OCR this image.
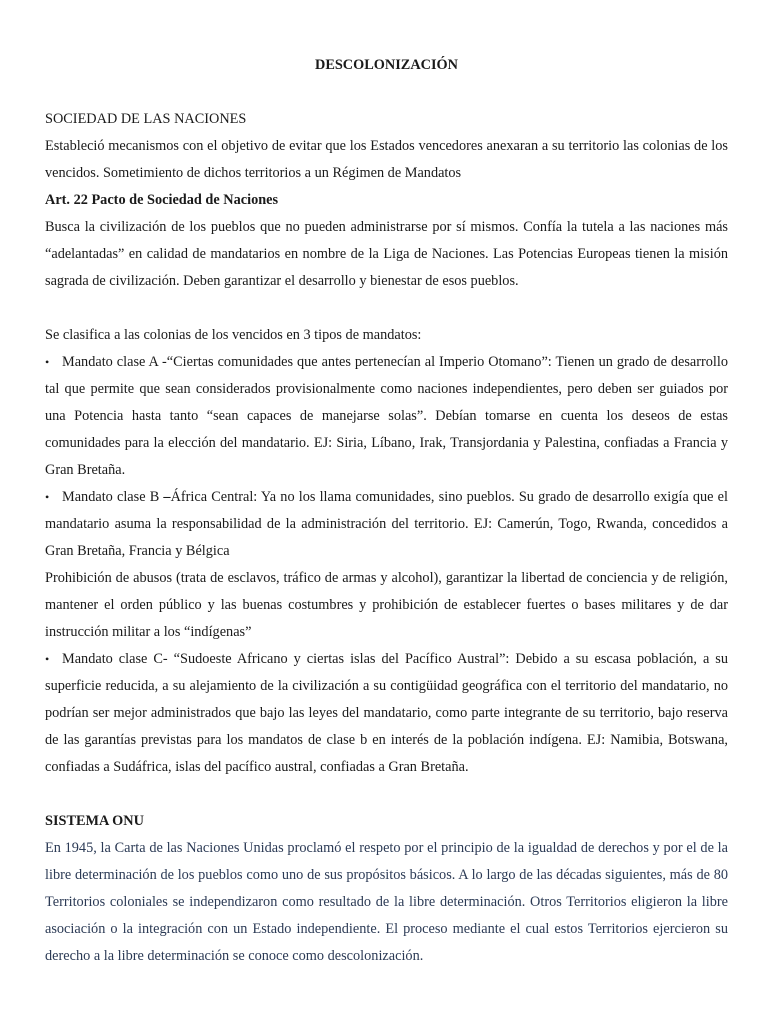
DESCOLONIZACIÓN

SOCIEDAD DE LAS NACIONES

Estableció mecanismos con el objetivo de evitar que los Estados vencedores anexaran a su territorio las colonias de los vencidos. Sometimiento de dichos territorios a un Régimen de Mandatos

Art. 22 Pacto de Sociedad de Naciones

Busca la civilización de los pueblos que no pueden administrarse por sí mismos. Confía la tutela a las naciones más “adelantadas” en calidad de mandatarios en nombre de la Liga de Naciones. Las Potencias Europeas tienen la misión sagrada de civilización. Deben garantizar el desarrollo y bienestar de esos pueblos.

Se clasifica a las colonias de los vencidos en 3 tipos de mandatos:

• Mandato clase A -“Ciertas comunidades que antes pertenecían al Imperio Otomano”: Tienen un grado de desarrollo tal que permite que sean considerados provisionalmente como naciones independientes, pero deben ser guiados por una Potencia hasta tanto “sean capaces de manejarse solas”. Debían tomarse en cuenta los deseos de estas comunidades para la elección del mandatario. EJ: Siria, Líbano, Irak, Transjordania y Palestina, confiadas a Francia y Gran Bretaña.

• Mandato clase B –África Central: Ya no los llama comunidades, sino pueblos. Su grado de desarrollo exigía que el mandatario asuma la responsabilidad de la administración del territorio. EJ: Camerún, Togo, Rwanda, concedidos a Gran Bretaña, Francia y Bélgica

Prohibición de abusos (trata de esclavos, tráfico de armas y alcohol), garantizar la libertad de conciencia y de religión, mantener el orden público y las buenas costumbres y prohibición de establecer fuertes o bases militares y de dar instrucción militar a los “indígenas”

• Mandato clase C- “Sudoeste Africano y ciertas islas del Pacífico Austral”: Debido a su escasa población, a su superficie reducida, a su alejamiento de la civilización a su contigüidad geográfica con el territorio del mandatario, no podrían ser mejor administrados que bajo las leyes del mandatario, como parte integrante de su territorio, bajo reserva de las garantías previstas para los mandatos de clase b en interés de la población indígena. EJ: Namibia, Botswana, confiadas a Sudáfrica, islas del pacífico austral, confiadas a Gran Bretaña.

SISTEMA ONU

En 1945, la Carta de las Naciones Unidas proclamó el respeto por el principio de la igualdad de derechos y por el de la libre determinación de los pueblos como uno de sus propósitos básicos. A lo largo de las décadas siguientes, más de 80 Territorios coloniales se independizaron como resultado de la libre determinación. Otros Territorios eligieron la libre asociación o la integración con un Estado independiente. El proceso mediante el cual estos Territorios ejercieron su derecho a la libre determinación se conoce como descolonización.
